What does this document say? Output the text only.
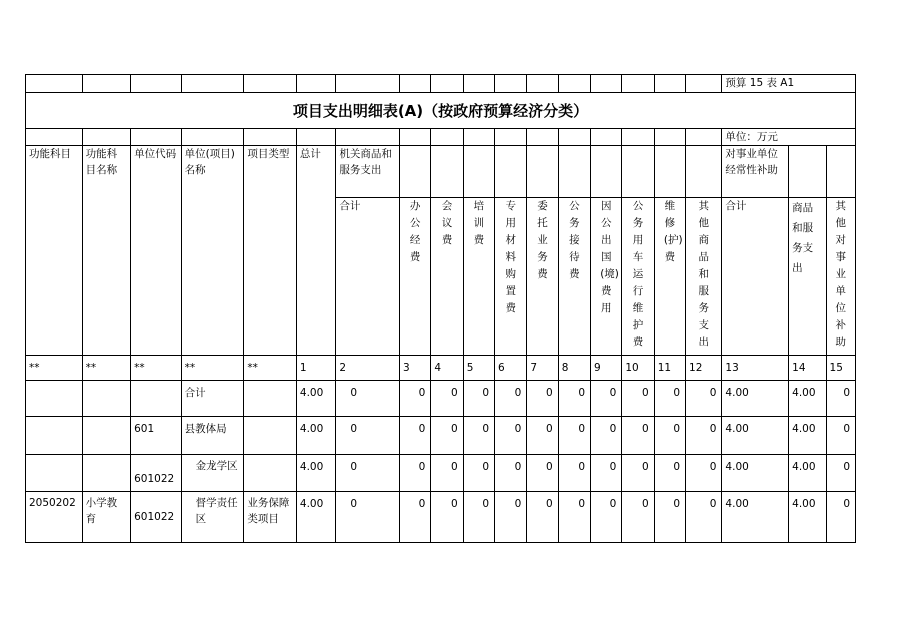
																	预算 15 表 A1		
项目支出明细表(A)（按政府预算经济分类）																			
																	单位：万元		
功能科目	功能科目名称	单位代码	单位(项目)名称	项目类型	总计	机关商品和服务支出											对事业单位经常性补助		
						合计	办公经费	会议费	培训费	专用材料购置费	委托业务费	公务接待费	因公出国(境)费用	公务用车运行维护费	维修(护)费	其他商品和服务支出	合计	商品和服务支出	其他对事业单位补助

**	**	**	**	**	1	2	3	4	5	6	7	8	9	10	11	12	13	14	15
			合计		4.00	0	0	0	0	0	0	0	0	0	0	0	4.00	4.00	0
		601	县教体局		4.00	0	0	0	0	0	0	0	0	0	0	0	4.00	4.00	0
		601022	金龙学区		4.00	0	0	0	0	0	0	0	0	0	0	0	4.00	4.00	0
2050202	小学教育	601022	督学责任区	业务保障类项目	4.00	0	0	0	0	0	0	0	0	0	0	0	4.00	4.00	0
